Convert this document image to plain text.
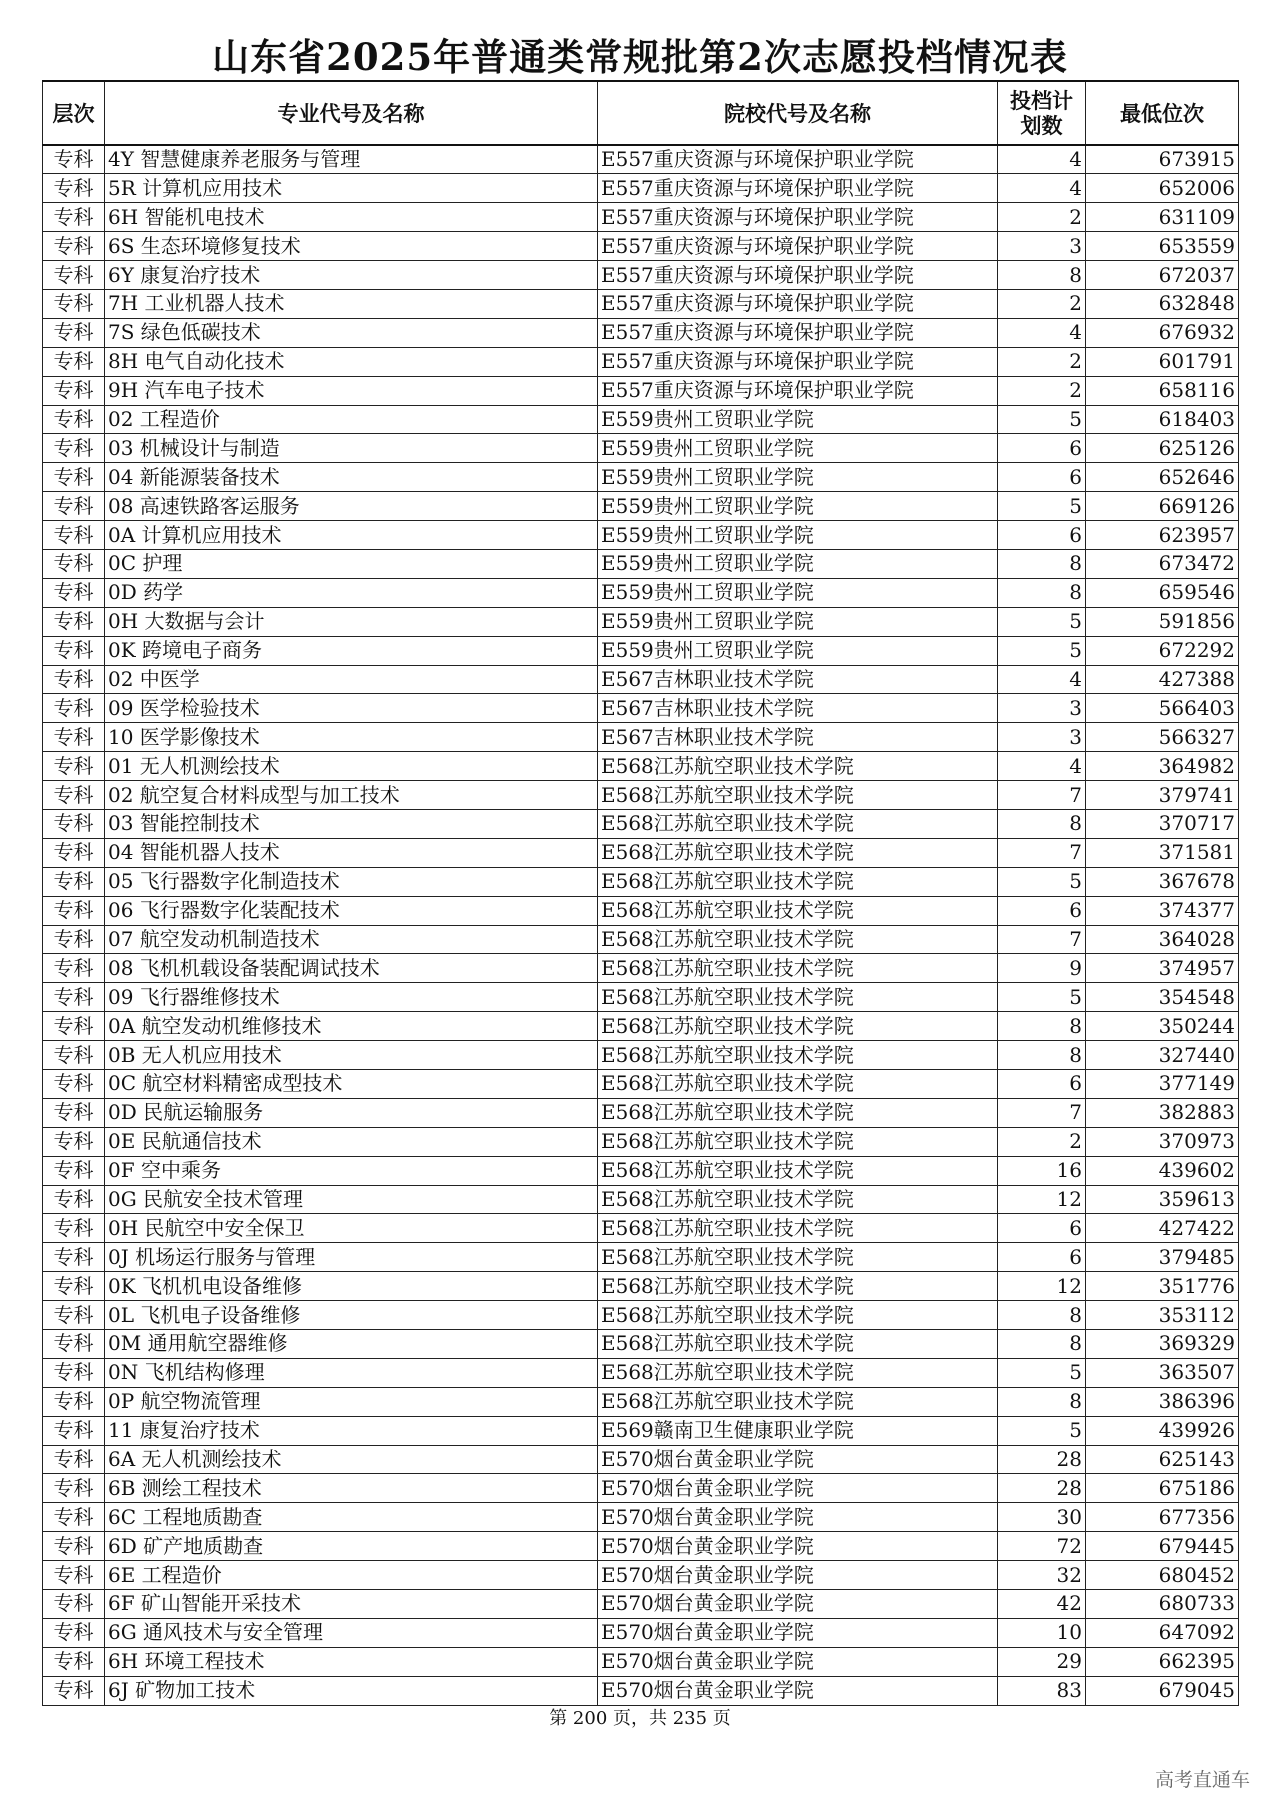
山东省2025年普通类常规批第2次志愿投档情况表
层次	专业代号及名称	院校代号及名称	投档计划数	最低位次
专科	4Y 智慧健康养老服务与管理	E557重庆资源与环境保护职业学院	4	673915
专科	5R 计算机应用技术	E557重庆资源与环境保护职业学院	4	652006
专科	6H 智能机电技术	E557重庆资源与环境保护职业学院	2	631109
专科	6S 生态环境修复技术	E557重庆资源与环境保护职业学院	3	653559
专科	6Y 康复治疗技术	E557重庆资源与环境保护职业学院	8	672037
专科	7H 工业机器人技术	E557重庆资源与环境保护职业学院	2	632848
专科	7S 绿色低碳技术	E557重庆资源与环境保护职业学院	4	676932
专科	8H 电气自动化技术	E557重庆资源与环境保护职业学院	2	601791
专科	9H 汽车电子技术	E557重庆资源与环境保护职业学院	2	658116
专科	02 工程造价	E559贵州工贸职业学院	5	618403
专科	03 机械设计与制造	E559贵州工贸职业学院	6	625126
专科	04 新能源装备技术	E559贵州工贸职业学院	6	652646
专科	08 高速铁路客运服务	E559贵州工贸职业学院	5	669126
专科	0A 计算机应用技术	E559贵州工贸职业学院	6	623957
专科	0C 护理	E559贵州工贸职业学院	8	673472
专科	0D 药学	E559贵州工贸职业学院	8	659546
专科	0H 大数据与会计	E559贵州工贸职业学院	5	591856
专科	0K 跨境电子商务	E559贵州工贸职业学院	5	672292
专科	02 中医学	E567吉林职业技术学院	4	427388
专科	09 医学检验技术	E567吉林职业技术学院	3	566403
专科	10 医学影像技术	E567吉林职业技术学院	3	566327
专科	01 无人机测绘技术	E568江苏航空职业技术学院	4	364982
专科	02 航空复合材料成型与加工技术	E568江苏航空职业技术学院	7	379741
专科	03 智能控制技术	E568江苏航空职业技术学院	8	370717
专科	04 智能机器人技术	E568江苏航空职业技术学院	7	371581
专科	05 飞行器数字化制造技术	E568江苏航空职业技术学院	5	367678
专科	06 飞行器数字化装配技术	E568江苏航空职业技术学院	6	374377
专科	07 航空发动机制造技术	E568江苏航空职业技术学院	7	364028
专科	08 飞机机载设备装配调试技术	E568江苏航空职业技术学院	9	374957
专科	09 飞行器维修技术	E568江苏航空职业技术学院	5	354548
专科	0A 航空发动机维修技术	E568江苏航空职业技术学院	8	350244
专科	0B 无人机应用技术	E568江苏航空职业技术学院	8	327440
专科	0C 航空材料精密成型技术	E568江苏航空职业技术学院	6	377149
专科	0D 民航运输服务	E568江苏航空职业技术学院	7	382883
专科	0E 民航通信技术	E568江苏航空职业技术学院	2	370973
专科	0F 空中乘务	E568江苏航空职业技术学院	16	439602
专科	0G 民航安全技术管理	E568江苏航空职业技术学院	12	359613
专科	0H 民航空中安全保卫	E568江苏航空职业技术学院	6	427422
专科	0J 机场运行服务与管理	E568江苏航空职业技术学院	6	379485
专科	0K 飞机机电设备维修	E568江苏航空职业技术学院	12	351776
专科	0L 飞机电子设备维修	E568江苏航空职业技术学院	8	353112
专科	0M 通用航空器维修	E568江苏航空职业技术学院	8	369329
专科	0N 飞机结构修理	E568江苏航空职业技术学院	5	363507
专科	0P 航空物流管理	E568江苏航空职业技术学院	8	386396
专科	11 康复治疗技术	E569赣南卫生健康职业学院	5	439926
专科	6A 无人机测绘技术	E570烟台黄金职业学院	28	625143
专科	6B 测绘工程技术	E570烟台黄金职业学院	28	675186
专科	6C 工程地质勘查	E570烟台黄金职业学院	30	677356
专科	6D 矿产地质勘查	E570烟台黄金职业学院	72	679445
专科	6E 工程造价	E570烟台黄金职业学院	32	680452
专科	6F 矿山智能开采技术	E570烟台黄金职业学院	42	680733
专科	6G 通风技术与安全管理	E570烟台黄金职业学院	10	647092
专科	6H 环境工程技术	E570烟台黄金职业学院	29	662395
专科	6J 矿物加工技术	E570烟台黄金职业学院	83	679045
第 200 页，共 235 页
高考直通车
